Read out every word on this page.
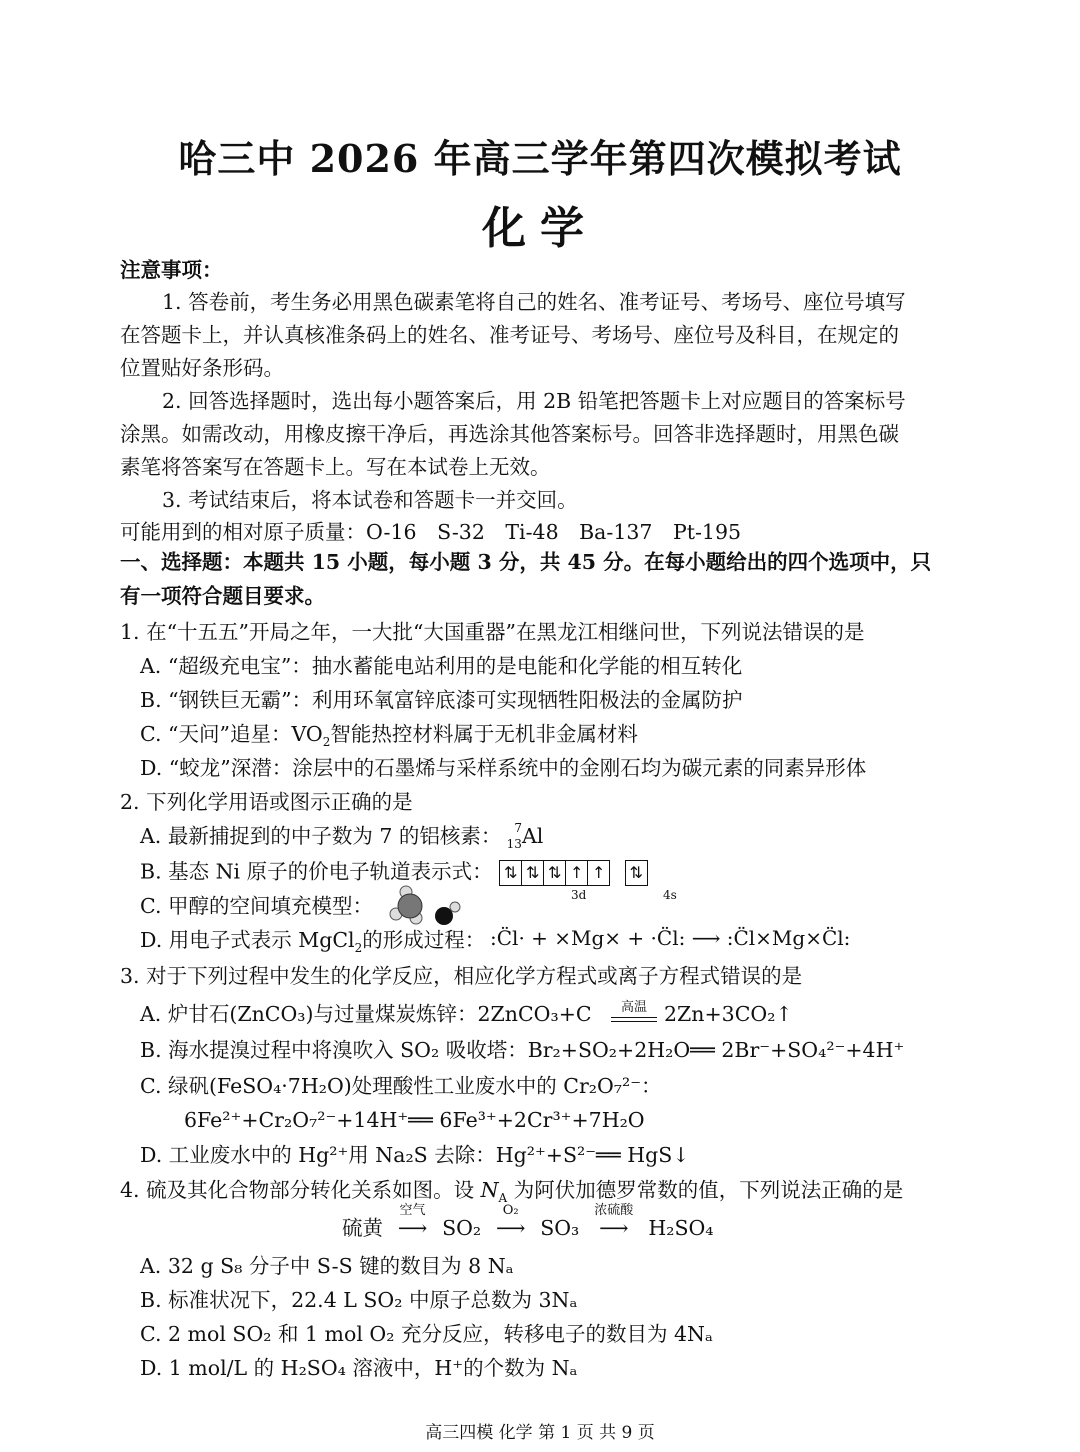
哈三中 2026 年高三学年第四次模拟考试
化学
注意事项：
1. 答卷前，考生务必用黑色碳素笔将自己的姓名、准考证号、考场号、座位号填写
在答题卡上，并认真核准条码上的姓名、准考证号、考场号、座位号及科目，在规定的
位置贴好条形码。
2. 回答选择题时，选出每小题答案后，用 2B 铅笔把答题卡上对应题目的答案标号
涂黑。如需改动，用橡皮擦干净后，再选涂其他答案标号。回答非选择题时，用黑色碳
素笔将答案写在答题卡上。写在本试卷上无效。
3. 考试结束后，将本试卷和答题卡一并交回。
可能用到的相对原子质量：O-16　S-32　Ti-48　Ba-137　Pt-195
一、选择题：本题共 15 小题，每小题 3 分，共 45 分。在每小题给出的四个选项中，只
有一项符合题目要求。
1. 在“十五五”开局之年，一大批“大国重器”在黑龙江相继问世，下列说法错误的是
A. “超级充电宝”：抽水蓄能电站利用的是电能和化学能的相互转化
B. “钢铁巨无霸”：利用环氧富锌底漆可实现牺牲阳极法的金属防护
C. “天问”追星：$VO_2$智能热控材料属于无机非金属材料
D. “蛟龙”深潜：涂层中的石墨烯与采样系统中的金刚石均为碳元素的同素异形体
2. 下列化学用语或图示正确的是
A. 最新捕捉到的中子数为 7 的铝核素： 7
13 Al
B. 基态 Ni 原子的价电子轨道表示式： ⇅ ⇅ ⇅ ↑ ↑ ⇅
3d	4s
C. 甲醇的空间填充模型：
D. 用电子式表示 MgCl$_2$的形成过程： :C̈l· + ×Mg× + ·C̈l: ⟶ :C̈l×Mg×C̈l:
3. 对于下列过程中发生的化学反应，相应化学方程式或离子方程式错误的是
A. 炉甘石(ZnCO₃)与过量煤炭炼锌：2ZnCO₃+C	高温 2Zn+3CO₂↑
B. 海水提溴过程中将溴吹入 SO₂ 吸收塔：Br₂+SO₂+2H₂O══ 2Br⁻+SO₄²⁻+4H⁺
C. 绿矾(FeSO₄·7H₂O)处理酸性工业废水中的 Cr₂O₇²⁻：
6Fe²⁺+Cr₂O₇²⁻+14H⁺══ 6Fe³⁺+2Cr³⁺+7H₂O
D. 工业废水中的 Hg²⁺用 Na₂S 去除：Hg²⁺+S²⁻══ HgS↓
4. 硫及其化合物部分转化关系如图。设 $N_A$ 为阿伏加德罗常数的值，下列说法正确的是
硫黄
空气
⟶ SO₂
O₂
⟶ SO₃
浓硫酸
⟶ H₂SO₄
A. 32 g S₈ 分子中 S-S 键的数目为 8 Nₐ
B. 标准状况下，22.4 L SO₂ 中原子总数为 3Nₐ
C. 2 mol SO₂ 和 1 mol O₂ 充分反应，转移电子的数目为 4Nₐ
D. 1 mol/L 的 H₂SO₄ 溶液中，H⁺的个数为 Nₐ
高三四模 化学 第 1 页 共 9 页
